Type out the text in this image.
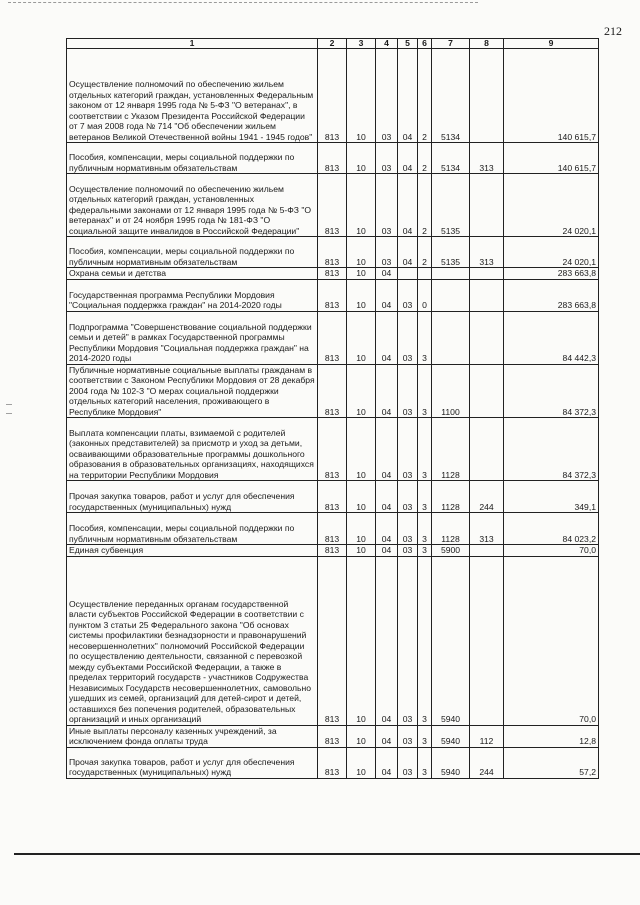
212
1	2	3	4	5	6	7	8	9
Осуществление полномочий по обеспечению жильем отдельных категорий граждан, установленных Федеральным законом от 12 января 1995 года № 5-ФЗ "О ветеранах", в соответствии с Указом Президента Российской Федерации от 7 мая 2008 года № 714 "Об обеспечении жильем ветеранов Великой Отечественной войны 1941 - 1945 годов"	813	10	03	04	2	5134		140 615,7
Пособия, компенсации, меры социальной поддержки по публичным нормативным обязательствам	813	10	03	04	2	5134	313	140 615,7
Осуществление полномочий по обеспечению жильем отдельных категорий граждан, установленных федеральными законами от 12 января 1995 года № 5-ФЗ "О ветеранах" и от 24 ноября 1995 года № 181-ФЗ "О социальной защите инвалидов в Российской Федерации"	813	10	03	04	2	5135		24 020,1
Пособия, компенсации, меры социальной поддержки по публичным нормативным обязательствам	813	10	03	04	2	5135	313	24 020,1
Охрана семьи и детства	813	10	04					283 663,8
Государственная программа Республики Мордовия "Социальная поддержка граждан" на 2014-2020 годы	813	10	04	03	0			283 663,8
Подпрограмма "Совершенствование социальной поддержки семьи и детей" в рамках Государственной программы Республики Мордовия "Социальная поддержка граждан" на 2014-2020 годы	813	10	04	03	3			84 442,3
Публичные нормативные социальные выплаты гражданам в соответствии с Законом Республики Мордовия от 28 декабря 2004 года № 102-З "О мерах социальной поддержки отдельных категорий населения, проживающего в Республике Мордовия"	813	10	04	03	3	1100		84 372,3
Выплата компенсации платы, взимаемой с родителей (законных представителей) за присмотр и уход за детьми, осваивающими образовательные программы дошкольного образования в образовательных организациях, находящихся на территории Республики Мордовия	813	10	04	03	3	1128		84 372,3
Прочая закупка товаров, работ и услуг для обеспечения государственных (муниципальных) нужд	813	10	04	03	3	1128	244	349,1
Пособия, компенсации, меры социальной поддержки по публичным нормативным обязательствам	813	10	04	03	3	1128	313	84 023,2
Единая субвенция	813	10	04	03	3	5900		70,0
Осуществление переданных органам государственной власти субъектов Российской Федерации в соответствии с пунктом 3 статьи 25 Федерального закона "Об основах системы профилактики безнадзорности и правонарушений несовершеннолетних" полномочий Российской Федерации по осуществлению деятельности, связанной с перевозкой между субъектами Российской Федерации, а также в пределах территорий государств - участников Содружества Независимых Государств несовершеннолетних, самовольно ушедших из семей, организаций для детей-сирот и детей, оставшихся без попечения родителей, образовательных организаций и иных организаций	813	10	04	03	3	5940		70,0
Иные выплаты персоналу казенных учреждений, за исключением фонда оплаты труда	813	10	04	03	3	5940	112	12,8
Прочая закупка товаров, работ и услуг для обеспечения государственных (муниципальных) нужд	813	10	04	03	3	5940	244	57,2
